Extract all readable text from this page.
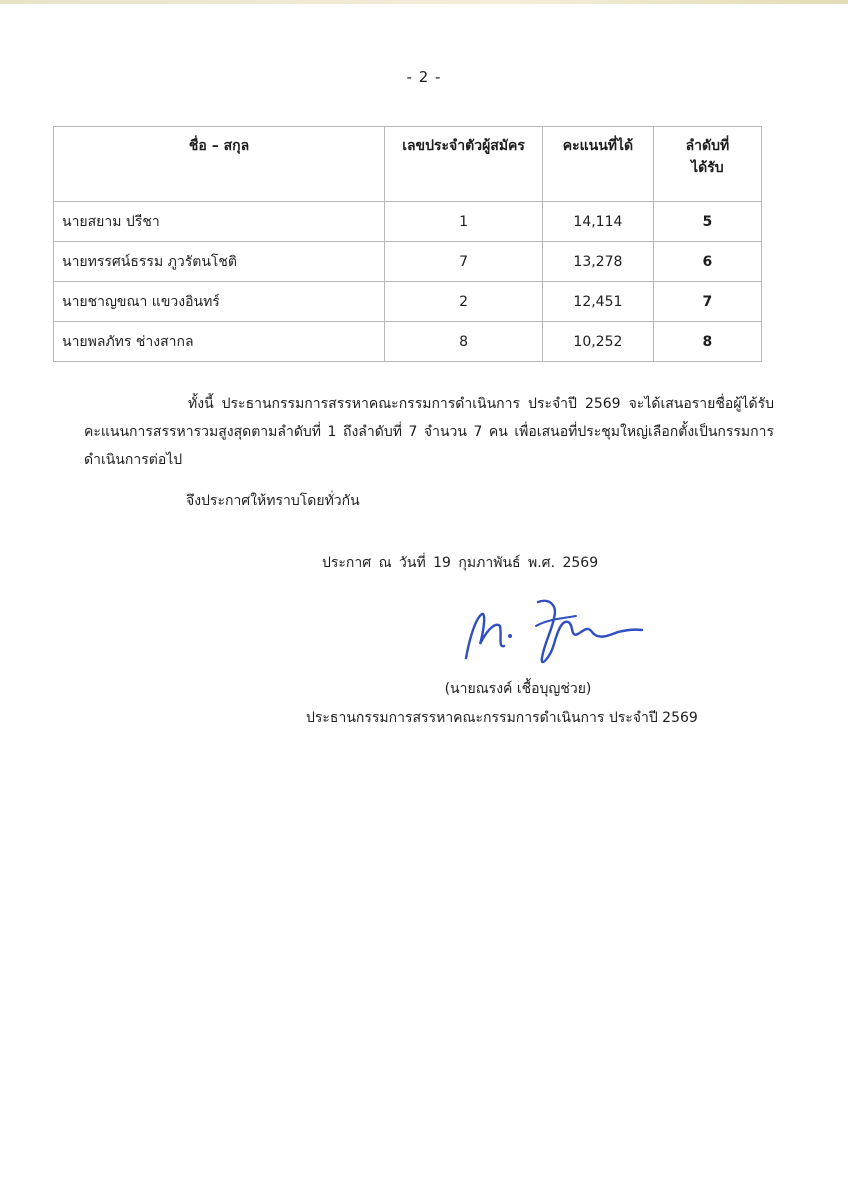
- 2 -
ชื่อ – สกุล	เลขประจำตัวผู้สมัคร	คะแนนที่ได้	ลำดับที่
ได้รับ
นายสยาม ปรีชา	1	14,114	5
นายทรรศน์ธรรม ภูวรัตนโชติ	7	13,278	6
นายชาญขณา แขวงอินทร์	2	12,451	7
นายพลภัทร ช่างสากล	8	10,252	8
ทั้งนี้ ประธานกรรมการสรรหาคณะกรรมการดำเนินการ ประจำปี 2569 จะได้เสนอรายชื่อผู้ได้รับคะแนนการสรรหารวมสูงสุดตามลำดับที่ 1 ถึงลำดับที่ 7 จำนวน 7 คน เพื่อเสนอที่ประชุมใหญ่เลือกตั้งเป็นกรรมการดำเนินการต่อไป
จึงประกาศให้ทราบโดยทั่วกัน
ประกาศ ณ วันที่ 19 กุมภาพันธ์ พ.ศ. 2569
(นายณรงค์ เชื้อบุญช่วย)
ประธานกรรมการสรรหาคณะกรรมการดำเนินการ ประจำปี 2569
